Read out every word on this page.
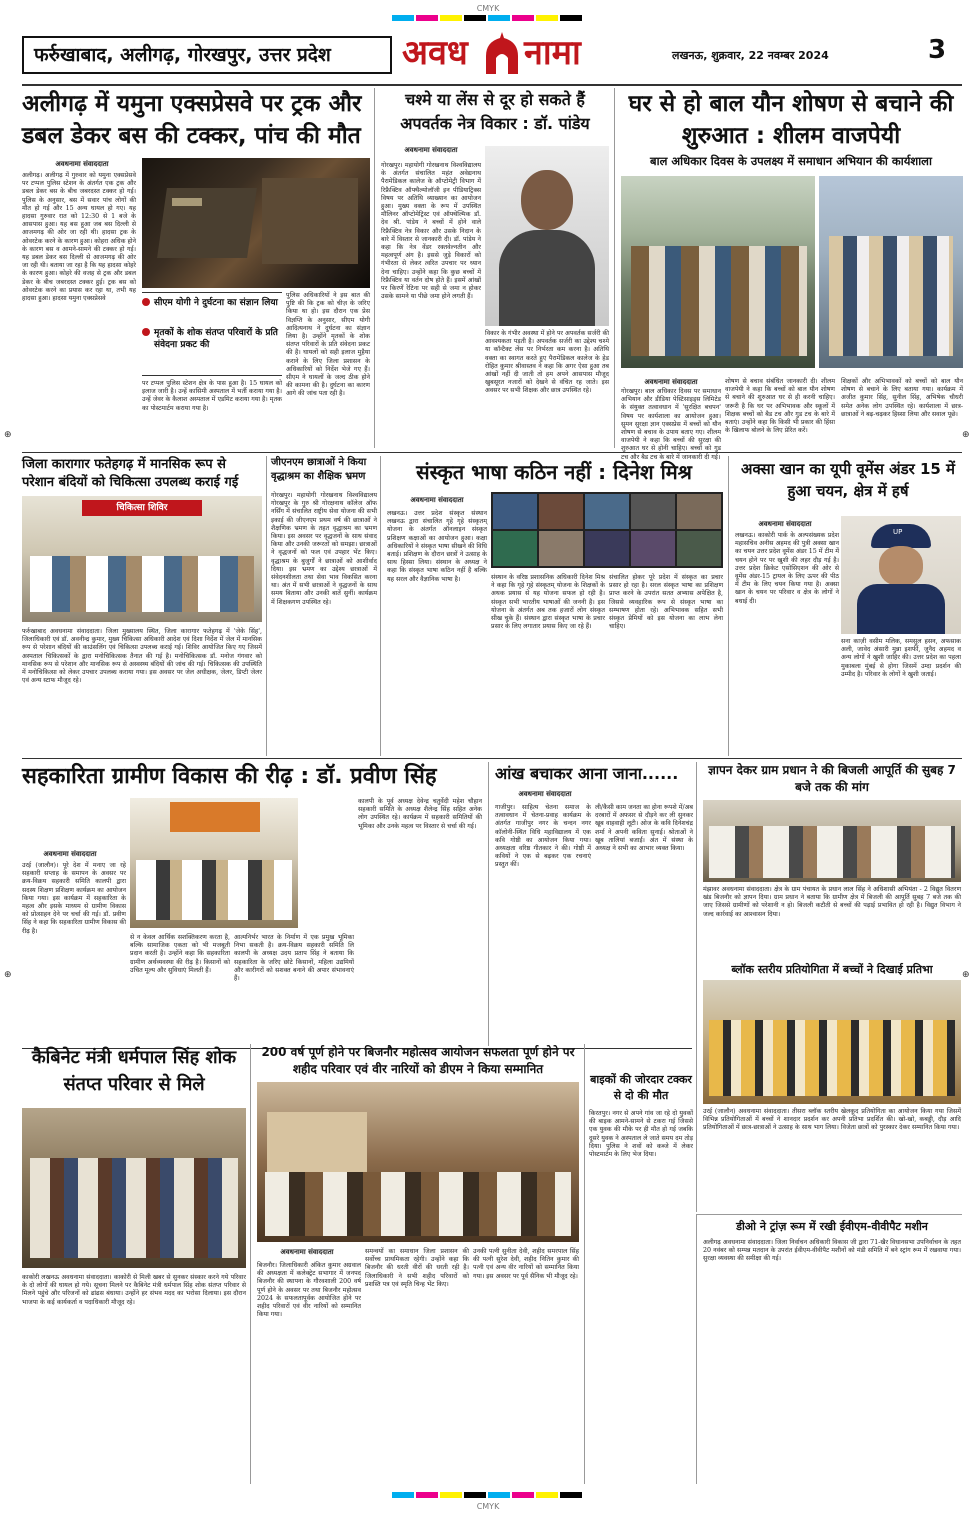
CMYK
फर्रुखाबाद, अलीगढ़, गोरखपुर, उत्तर प्रदेश अवध नामा	लखनऊ, शुक्रवार, 22 नवम्बर 2024	3
अलीगढ़ में यमुना एक्सप्रेसवे पर ट्रक और डबल डेकर बस की टक्कर, पांच की मौत
अवधनामा संवाददाता
अलीगढ़। अलीगढ़ में गुरुवार को यमुना एक्सप्रेसवे पर टप्पल पुलिस स्टेशन के अंतर्गत एक ट्रक और डबल डेकर बस के बीच जबरदस्त टक्कर हो गई। पुलिस के अनुसार, बस में सवार पांच लोगों की मौत हो गई और 15 अन्य घायल हो गए। यह हादसा गुरुवार रात को 12:30 से 1 बजे के आसपास हुआ। यह बस हुआ जब बस दिल्ली से आजमगढ़ की ओर जा रही थी। हादसा ट्रक के ओवरटेक करने के कारण हुआ। कोहरा अधिक होने के कारण बस व आमने-सामने की टक्कर हो गई। यह डबल डेकर बस दिल्ली से आजमगढ़ की ओर जा रही थी। बताया जा रहा है कि यह हादसा कोहरे के कारण हुआ। कोहरे की वजह से ट्रक और डबल डेकर के बीच जबरदस्त टक्कर हुई। ट्रक बस को ओवरटेक करने का प्रयास कर रहा था, तभी यह हादसा हुआ। हादसा यमुना एक्सप्रेसवे	सीएम योगी ने दुर्घटना का संज्ञान लिया
मृतकों के शोक संतप्त परिवारों के प्रति संवेदना प्रकट की
पर टप्पल पुलिस स्टेशन क्षेत्र के पास हुआ है। 15 घायल को इलाज जारी है। उन्हें कासिमी अस्पताल में भर्ती कराया गया है। उन्हें जेवर के कैलाश अस्पताल में एडमिट कराया गया है। मृतक का पोस्टमार्टम कराया गया है।
पुलिस अधिकारियों ने इस बात की पुष्टि की कि ट्रक को चीज़ के जरिए किया था हो। इस दौरान एक प्रेस विज्ञप्ति के अनुसार, सीएम योगी आदित्यनाथ ने दुर्घटना का संज्ञान लिया है। उन्होंने मृतकों के शोक संतप्त परिवारों के प्रति संवेदना प्रकट की है। घायलों को सही इलाज मुहैया कराने के लिए जिला प्रशासन के अधिकारियों को निर्देश भेजे गए हैं। सीएम ने घायलों के जल्द ठीक होने की कामना की है। दुर्घटना का कारण आगे की जांच पता रही है।
चश्मे या लेंस से दूर हो सकते हैं अपवर्तक नेत्र विकार : डॉ. पांडेय
अवधनामा संवाददाता
गोरखपुर। महायोगी गोरखनाथ विश्वविद्यालय के अंतर्गत संचालित महंत अवेद्यनाथ पैरामेडिकल कालेज के ऑप्टोमेट्री विभाग में रिफ्रैक्टिव ऑफ्थैल्मोलॉजी इन पीडियाट्रिक्स विषय पर अतिथि व्याख्यान का आयोजन हुआ। मुख्य वक्ता के रूप में उपस्थित मौलिनर ऑप्टोमेट्रिस्ट एवं ऑफ्थेल्मिक डॉ. देव श्री. पांडेय ने बच्चों में होने वाले रिफ्रैक्टिव नेत्र विकार और उसके निदान के बारे में विस्तार से जानकारी दी। डॉ. पांडेय ने कहा कि नेत्र वेंडर रक्तवेल्नतीन और महत्वपूर्ण अंग है। इससे जुड़े विकारों को गंभीरता से लेकर त्वरित उपचार पर ध्यान देना चाहिए। उन्होंने कहा कि कुछ बच्चों में रिफ्रैक्टिव या वर्तन दोष होते हैं। इसमें आंखों पर किरणें रेटिना पर सही से जमा न होकर उसके सामने या पीछे जमा होने लगती हैं।
विकार के गंभीर अवस्था में होने पर अपवर्तक सर्जरी की आवश्यकता पड़ती है। अपवर्तक सर्जरी का उद्देश्य चश्मे या कॉन्टैक्ट लेंस पर निर्भरता कम करना है। अतिथि वक्ता का स्वागत करते हुए पैरामेडिकल कालेज के हेड रोहित कुमार श्रीवास्तव ने कहा कि अगर ऐसा हुआ तब आंखों नहीं दी जाती तो हम अपने आसपास मौजूद खुबसूरत नजारों को देखने से वंचित रह जाते। इस अवसर पर सभी शिक्षक और छात्र उपस्थित रहे।
घर से हो बाल यौन शोषण से बचाने की शुरुआत : शीलम वाजपेयी
बाल अधिकार दिवस के उपलक्ष्य में समाधान अभियान की कार्यशाला
अवधनामा संवाददाता
गोरखपुर। बाल अधिकार दिवस पर समाधान अभियान और डीडिया पेस्टिसाइड्स लिमिटेड के संयुक्त तत्वावधान में 'सुरक्षित बचपन' विषय पर कार्यशाला का आयोजन हुआ। सुमन सुरक्षा ज्ञान एक्सप्रेस में बच्चों को यौन शोषण से बचाव के उपाय बताए गए। शीलम वाजपेयी ने कहा कि बच्चों की सुरक्षा की शुरुआत घर से होनी चाहिए। बच्चों को गुड टच और बैड टच के बारे में जानकारी दी गई।
शोषण से बचाव संबंधित जानकारी दी। शीलम वाजपेयी ने कहा कि बच्चों को बाल यौन शोषण से बचाने की शुरुआत घर से ही करनी चाहिए। जरूरी है कि घर पर अभिभावक और स्कूलों में शिक्षक बच्चों को बैड टच और गुड टच के बारे में बताएं। उन्होंने कहा कि किसी भी प्रकार की हिंसा के खिलाफ बोलने के लिए प्रेरित करें।
शिक्षकों और अभिभावकों को बच्चों को बाल यौन शोषण से बचाने के लिए बताया गया। कार्यक्रम में अजीत कुमार सिंह, सुनील सिंह, अभिषेक चौधरी समेत अनेक लोग उपस्थित रहे। कार्यशाला में छात्र-छात्राओं ने बढ़-चढ़कर हिस्सा लिया और सवाल पूछे।
जिला कारागार फतेहगढ़ में मानसिक रूप से परेशान बंदियों को चिकित्सा उपलब्ध कराई गई
चिकित्सा शिविर
फर्रुखाबाद अवधनामा संवाददाता। जिला मुख्यालय स्थित, जिला कारागार फतेहगढ़ में 'जेके सिंह', जिलाधिकारी एवं डॉ. अवनीन्द्र कुमार, मुख्य चिकित्सा अधिकारी आदेश एवं दिशा निर्देश में जेल में मानसिक रूप से परेशान बंदियों की काउंसलिंग एवं चिकित्सा उपलब्ध कराई गई। शिविर आयोजित किए गए जिसमें अस्पताल चिकित्सकों के द्वारा मनोचिकित्सक तैनात की गई है। मनोचिकित्सक डॉ. मनोज गंगवार को मानसिक रूप से परेशान और मानसिक रूप से अस्वस्थ्य बंदियों की जांच की गई। चिकित्सक की उपस्थिति में मनोचिकित्सा को लेकर उपचार उपलब्ध कराया गया। इस अवसर पर जेल अधीक्षक, जेलर, डिप्टी जेलर एवं अन्य स्टाफ मौजूद रहे।
जीएनएम छात्राओं ने किया वृद्धाश्रम का शैक्षिक भ्रमण
गोरखपुर। महायोगी गोरखनाथ विश्वविद्यालय गोरखपुर के गुरु श्री गोरक्षनाथ कॉलेज ऑफ नर्सिंग में संचालित राष्ट्रीय सेवा योजना की सभी इकाई की जीएनएम प्रथम वर्ष की छात्राओं ने शैक्षणिक भ्रमण के तहत वृद्धाश्रम का भ्रमण किया। इस अवसर पर वृद्धजनों के साथ संवाद किया और उनकी जरूरतों को समझा। छात्राओं ने वृद्धजनों को फल एवं उपहार भेंट किए। वृद्धाश्रम के बुजुर्गों ने छात्राओं को आशीर्वाद दिया। इस भ्रमण का उद्देश्य छात्राओं में संवेदनशीलता तथा सेवा भाव विकसित करना था। अंत में सभी छात्राओं ने वृद्धजनों के साथ समय बिताया और उनकी बातें सुनीं। कार्यक्रम में शिक्षकगण उपस्थित रहे।
संस्कृत भाषा कठिन नहीं : दिनेश मिश्र
अवधनामा संवाददाता
लखनऊ। उत्तर प्रदेश संस्कृत संस्थान लखनऊ द्वारा संचालित गृहे गृहे संस्कृतम् योजना के अंतर्गत ऑनलाइन संस्कृत प्रशिक्षण कक्षाओं का आयोजन हुआ। कक्षा अधिकारियों ने संस्कृत भाषा सीखने की विधि बताई। प्रशिक्षण के दौरान छात्रों ने उत्साह के साथ हिस्सा लिया। संस्थान के अध्यक्ष ने कहा कि संस्कृत भाषा कठिन नहीं है बल्कि यह सरल और वैज्ञानिक भाषा है।	संस्थान के वरिष्ठ प्रशासनिक अधिकारी दिनेश मिश्र ने कहा कि गृहे गृहे संस्कृतम् योजना के शिक्षकों के अथक प्रयास से यह योजना सफल हो रही है। संस्कृत सभी भारतीय भाषाओं की जननी है। इस योजना के अंतर्गत अब तक हजारों लोग संस्कृत सीख चुके हैं। संस्थान द्वारा संस्कृत भाषा के प्रचार प्रसार के लिए लगातार प्रयास किए जा रहे हैं।
संचालित होकर पूरे प्रदेश में संस्कृत का प्रचार प्रसार हो रहा है। सरल संस्कृत भाषा का प्रशिक्षण प्राप्त करने के उपरांत सतत अभ्यास अपेक्षित है, जिससे व्यवहारिक रूप से संस्कृत भाषा का सम्भाषण होता रहे। अभिभावक सहित सभी संस्कृत प्रेमियों को इस योजना का लाभ लेना चाहिए।
अक्सा खान का यूपी वूमेंस अंडर 15 में हुआ चयन, क्षेत्र में हर्ष
अवधनामा संवाददाता
लखनऊ। काकोरी पार्क के अल्पसंख्यक प्रदेश महासचिव अनीस अहमद की पुत्री अक्सा खान का चयन उत्तर प्रदेश वूमेंस अंडर 15 में टीम में चयन होने पर पर खुशी की लहर दौड़ गई है। उत्तर प्रदेश क्रिकेट एसोसिएशन की ओर से वूमेंस अंडर-15 ट्रायल के लिए ऊपर की पीठ में टीम के लिए चयन किया गया है। अक्सा खान के चयन पर परिवार व क्षेत्र के लोगों ने बधाई दी।
UP
सना काज़ी वसीम मलिक, समसुल हसन, अफसाक अली, जावेद अंसारी मुन्ना इशर्फी, जुनैद अहमद व अन्य लोगों ने खुशी जाहिर की। उत्तर प्रदेश का पहला मुकाबला मुंबई से होगा जिसमें उम्दा प्रदर्शन की उम्मीद है। परिवार के लोगों ने खुशी जताई।
सहकारिता ग्रामीण विकास की रीढ़ : डॉ. प्रवीण सिंह
अवधनामा संवाददाता
उरई (जालौन)। पूरे देश में मनाए जा रहे सहकारी सप्ताह के समापन के अवसर पर क्रय-विक्रय सहकारी समिति कालपी द्वारा सदस्य शिक्षण प्रशिक्षण कार्यक्रम का आयोजन किया गया। इस कार्यक्रम में सहकारिता के महत्व और इसके माध्यम से ग्रामीण विकास को प्रोत्साहन देने पर चर्चा की गई। डॉ. प्रवीण सिंह ने कहा कि सहकारिता ग्रामीण विकास की रीढ़ है।
से न केवल आर्थिक सशक्तिकरण करता है, बल्कि सामाजिक एकता को भी मजबूती प्रदान करती है। उन्होंने कहा कि सहकारिता ग्रामीण अर्थव्यवस्था की रीढ़ है। किसानों को उचित मूल्य और सुविधाएं मिलती हैं।
आत्मनिर्भर भारत के निर्माण में एक प्रमुख भूमिका निभा सकती है। क्रय-विक्रय सहकारी समिति लि कालपी के अध्यक्ष उदय प्रताप सिंह ने बताया कि सहकारिता के जरिए छोटे किसानों, महिला उद्यमियों और कारीगरों को सशक्त बनाने की अपार संभावनाएं हैं।
कालपी के पूर्व अध्यक्ष देवेन्द्र चतुर्वेदी महेश चौहान सहकारी समिति के अध्यक्ष शैलेन्द्र सिंह सहित अनेक लोग उपस्थित रहे। कार्यक्रम में सहकारी समितियों की भूमिका और उनके महत्व पर विस्तार से चर्चा की गई।
आंख बचाकर आना जाना......
अवधनामा संवाददाता
गाजीपुर। साहित्य चेतना समाज के तत्वावधान में चेतना-प्रवाह कार्यक्रम के अंतर्गत गाजीपुर नगर के चन्दन नगर कॉलोनी-स्थित विधि महाविद्यालय में एक कवि गोष्ठी का आयोजन किया गया। अध्यक्षता वरिष्ठ गीतकार ने की। गोष्ठी में कवियों ने एक से बढ़कर एक रचनाएं प्रस्तुत कीं।
ली/कैसी काम जनता का होना रूपशे में/अब दरबारों में अफसर से दौड़ने कर ली सुनकर खूब वाहवाही लूटी। ओज के कवि दिनेशचंद्र शर्मा ने अपनी कविता सुनाई। श्रोताओं ने खूब तालियां बजाईं। अंत में संस्था के अध्यक्ष ने सभी का आभार व्यक्त किया।
ज्ञापन देकर ग्राम प्रधान ने की बिजली आपूर्ति की सुबह 7 बजे तक की मांग
मंझावर अवधनामा संवाददाता। क्षेत्र के ग्राम पंचायत के प्रधान लाल सिंह ने अधिशासी अभियंता - 2 विद्युत वितरण खंड बिजनौर को ज्ञापन दिया। ग्राम प्रधान ने बताया कि ग्रामीण क्षेत्र में बिजली की आपूर्ति सुबह 7 बजे तक की जाए जिससे ग्रामीणों को परेशानी न हो। बिजली कटौती से बच्चों की पढ़ाई प्रभावित हो रही है। विद्युत विभाग ने जल्द कार्रवाई का आश्वासन दिया।
ब्लॉक स्तरीय प्रतियोगिता में बच्चों ने दिखाई प्रतिभा
उरई (जालौन) अवधनामा संवाददाता। तीसरा ब्लॉक स्तरीय खेलकूद प्रतियोगिता का आयोजन किया गया जिसमें विभिन्न प्रतियोगिताओं में बच्चों ने शानदार प्रदर्शन कर अपनी प्रतिभा प्रदर्शित की। खो-खो, कबड्डी, दौड़ आदि प्रतियोगिताओं में छात्र-छात्राओं ने उत्साह के साथ भाग लिया। विजेता छात्रों को पुरस्कार देकर सम्मानित किया गया।
कैबिनेट मंत्री धर्मपाल सिंह शोक संतप्त परिवार से मिले
काकोरी लखनऊ अवधनामा संवाददाता। काकोरी से मिली खबर से सुनकर संस्कार करने गये परिवार के दो लोगों की घायल हो गये। सूचना मिलने पर कैबिनेट मंत्री धर्मपाल सिंह शोक संतप्त परिवार से मिलने पहुंचे और परिजनों को ढांढस बंधाया। उन्होंने हर संभव मदद का भरोसा दिलाया। इस दौरान भाजपा के कई कार्यकर्ता व पदाधिकारी मौजूद रहे।
200 वर्ष पूर्ण होने पर बिजनौर महोत्सव आयोजन सफलता पूर्ण होने पर शहीद परिवार एवं वीर नारियों को डीएम ने किया सम्मानित
अवधनामा संवाददाता
बिजनौर। जिलाधिकारी अंकित कुमार अग्रवाल की अध्यक्षता में कलेक्ट्रेट सभागार में जनपद बिजनौर की स्थापना के गौरवशाली 200 वर्ष पूर्ण होने के अवसर पर तथा बिजनौर महोत्सव 2024 के सफलतापूर्वक आयोजित होने पर शहीद परिवारों एवं वीर नारियों को सम्मानित किया गया।
समन्वयों का समाधान जिला प्रशासन की सर्वोच्च प्राथमिकता रहेगी। उन्होंने कहा कि बिजनौर की धरती वीरों की धरती रही है। जिलाधिकारी ने सभी शहीद परिवारों को प्रशस्ति पत्र एवं स्मृति चिन्ह भेंट किए।
उनकी पत्नी सुनीता देवी, शहीद समरपाल सिंह की पत्नी सुरेश देवी, शहीद नितिन कुमार की पत्नी एवं अन्य वीर नारियों को सम्मानित किया गया। इस अवसर पर पूर्व सैनिक भी मौजूद रहे।
बाइकों की जोरदार टक्कर से दो की मौत
किरतपुर। नगर से अपने गांव जा रहे दो युवकों की बाइक आमने-सामने से टकरा गई जिससे एक युवक की मौके पर ही मौत हो गई जबकि दूसरे युवक ने अस्पताल ले जाते समय दम तोड़ दिया। पुलिस ने शवों को कब्जे में लेकर पोस्टमार्टम के लिए भेज दिया।
डीओ ने ट्रांज़ रूम में रखी ईवीएम-वीवीपैट मशीन
अलीगढ़ अवधनामा संवाददाता। जिला निर्वाचन अधिकारी विकास जी द्वारा 71-खैर विधानसभा उपनिर्वाचन के तहत 20 नवंबर को सम्पन्न मतदान के उपरांत ईवीएम-वीवीपैट मशीनों को मंडी समिति में बने स्ट्रांग रूम में रखवाया गया। सुरक्षा व्यवस्था की समीक्षा की गई।
⊕	⊕
⊕	⊕
CMYK
